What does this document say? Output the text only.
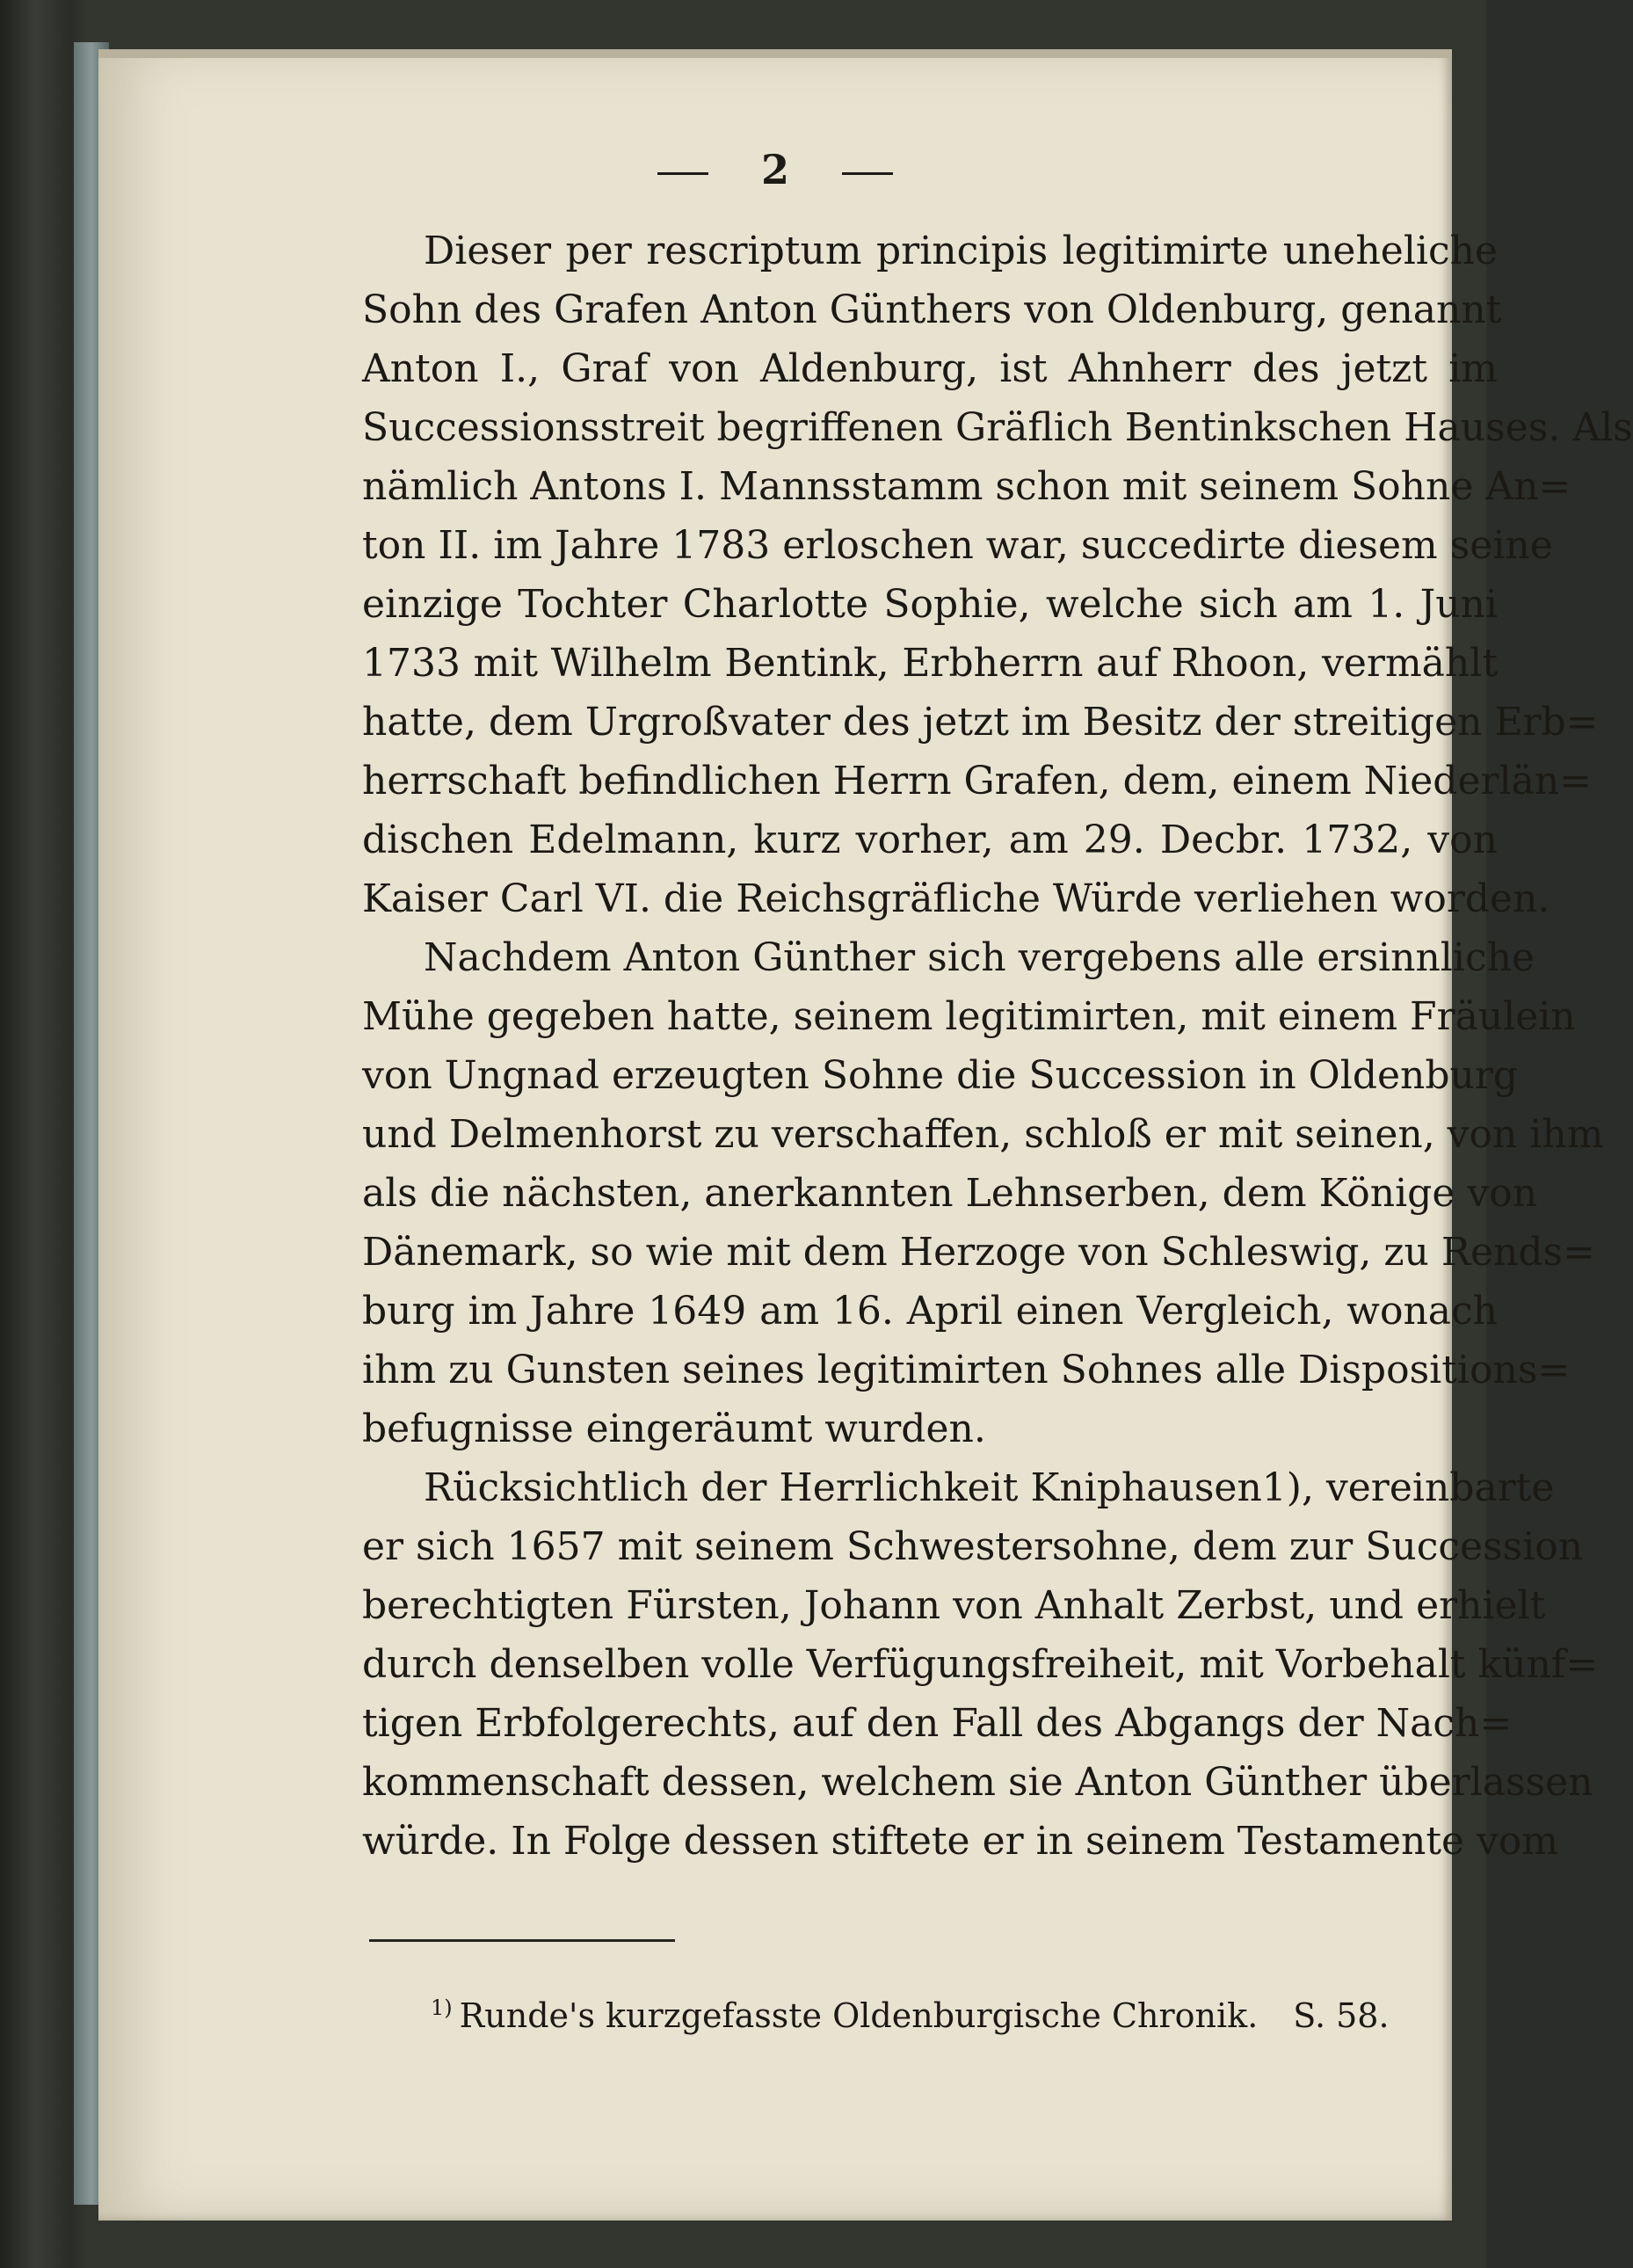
2
Dieser per rescriptum principis legitimirte uneheliche
Sohn des Grafen Anton Günthers von Oldenburg, genannt
Anton I., Graf von Aldenburg, ist Ahnherr des jetzt im
Successionsstreit begriffenen Gräflich Bentinkschen Hauses. Als
nämlich Antons I. Mannsstamm schon mit seinem Sohne An=
ton II. im Jahre 1783 erloschen war, succedirte diesem seine
einzige Tochter Charlotte Sophie, welche sich am 1. Juni
1733 mit Wilhelm Bentink, Erbherrn auf Rhoon, vermählt
hatte, dem Urgroßvater des jetzt im Besitz der streitigen Erb=
herrschaft befindlichen Herrn Grafen, dem, einem Niederlän=
dischen Edelmann, kurz vorher, am 29. Decbr. 1732, von
Kaiser Carl VI. die Reichsgräfliche Würde verliehen worden.
Nachdem Anton Günther sich vergebens alle ersinnliche
Mühe gegeben hatte, seinem legitimirten, mit einem Fräulein
von Ungnad erzeugten Sohne die Succession in Oldenburg
und Delmenhorst zu verschaffen, schloß er mit seinen, von ihm
als die nächsten, anerkannten Lehnserben, dem Könige von
Dänemark, so wie mit dem Herzoge von Schleswig, zu Rends=
burg im Jahre 1649 am 16. April einen Vergleich, wonach
ihm zu Gunsten seines legitimirten Sohnes alle Dispositions=
befugnisse eingeräumt wurden.
Rücksichtlich der Herrlichkeit Kniphausen1), vereinbarte
er sich 1657 mit seinem Schwestersohne, dem zur Succession
berechtigten Fürsten, Johann von Anhalt Zerbst, und erhielt
durch denselben volle Verfügungsfreiheit, mit Vorbehalt künf=
tigen Erbfolgerechts, auf den Fall des Abgangs der Nach=
kommenschaft dessen, welchem sie Anton Günther überlassen
würde. In Folge dessen stiftete er in seinem Testamente vom
$^{1)}$ Runde's kurzgefasste Oldenburgische Chronik. S. 58.
